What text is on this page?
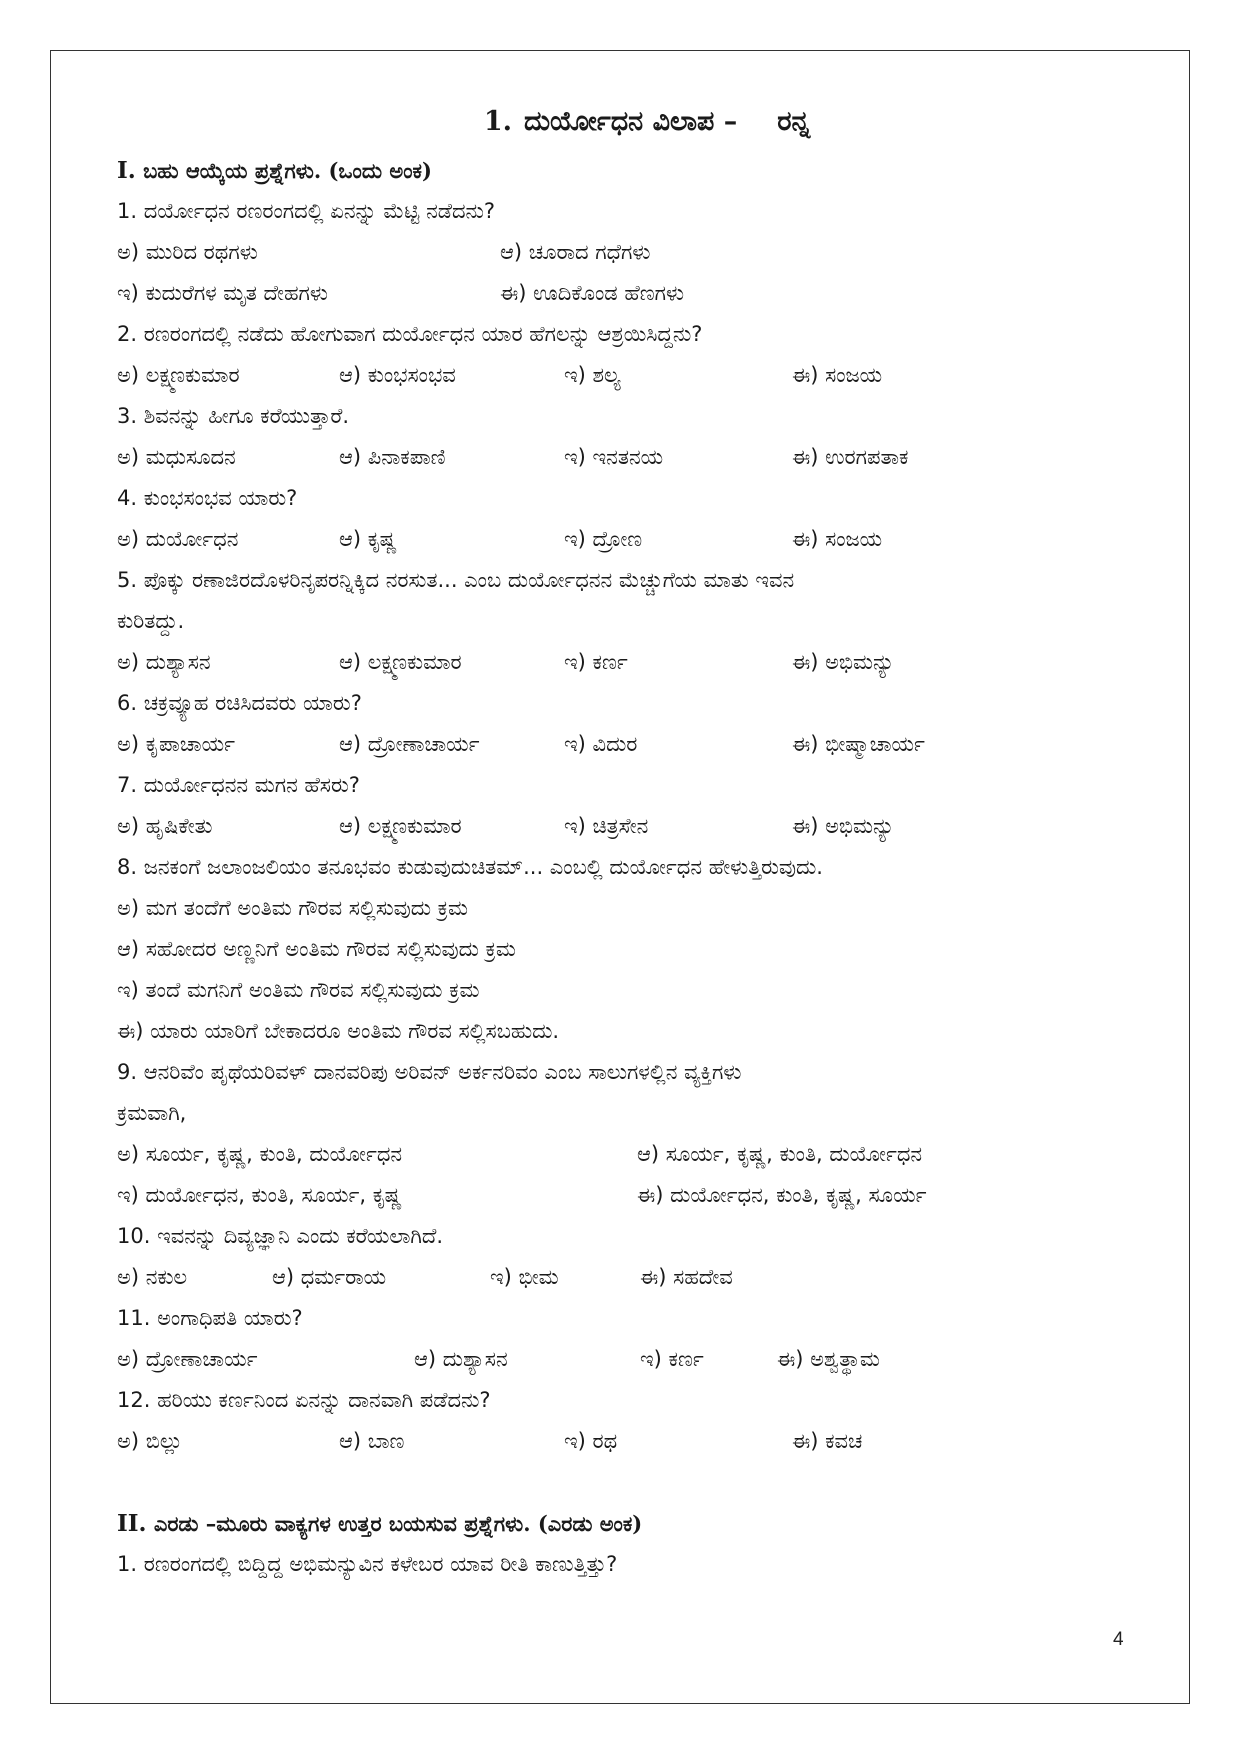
1. ದುರ್ಯೋಧನ ವಿಲಾಪ – ರನ್ನ
I. ಬಹು ಆಯ್ಕೆಯ ಪ್ರಶ್ನೆಗಳು. (ಒಂದು ಅಂಕ)
1. ದರ್ಯೋಧನ ರಣರಂಗದಲ್ಲಿ ಏನನ್ನು ಮೆಟ್ಟಿ ನಡೆದನು?
ಅ) ಮುರಿದ ರಥಗಳು	ಆ) ಚೂರಾದ ಗಧೆಗಳು
ಇ) ಕುದುರೆಗಳ ಮೃತ ದೇಹಗಳು	ಈ) ಊದಿಕೊಂಡ ಹೆಣಗಳು
2. ರಣರಂಗದಲ್ಲಿ ನಡೆದು ಹೋಗುವಾಗ ದುರ್ಯೋಧನ ಯಾರ ಹೆಗಲನ್ನು ಆಶ್ರಯಿಸಿದ್ದನು?
ಅ) ಲಕ್ಷ್ಮಣಕುಮಾರ	ಆ) ಕುಂಭಸಂಭವ	ಇ) ಶಲ್ಯ	ಈ) ಸಂಜಯ
3. ಶಿವನನ್ನು ಹೀಗೂ ಕರೆಯುತ್ತಾರೆ.
ಅ) ಮಧುಸೂದನ	ಆ) ಪಿನಾಕಪಾಣಿ	ಇ) ಇನತನಯ	ಈ) ಉರಗಪತಾಕ
4. ಕುಂಭಸಂಭವ ಯಾರು?
ಅ) ದುರ್ಯೋಧನ	ಆ) ಕೃಷ್ಣ	ಇ) ದ್ರೋಣ	ಈ) ಸಂಜಯ
5. ಪೊಕ್ಕು ರಣಾಜಿರದೊಳರಿನೃಪರನ್ನಿಕ್ಕಿದ ನರಸುತ... ಎಂಬ ದುರ್ಯೋಧನನ ಮೆಚ್ಚುಗೆಯ ಮಾತು ಇವನ
ಕುರಿತದ್ದು.
ಅ) ದುಶ್ಯಾಸನ	ಆ) ಲಕ್ಷ್ಮಣಕುಮಾರ	ಇ) ಕರ್ಣ	ಈ) ಅಭಿಮನ್ಯು
6. ಚಕ್ರವ್ಯೂಹ ರಚಿಸಿದವರು ಯಾರು?
ಅ) ಕೃಪಾಚಾರ್ಯ	ಆ) ದ್ರೋಣಾಚಾರ್ಯ	ಇ) ವಿದುರ	ಈ) ಭೀಷ್ಮಾಚಾರ್ಯ
7. ದುರ್ಯೋಧನನ ಮಗನ ಹೆಸರು?
ಅ) ಹೃಷಿಕೇತು	ಆ) ಲಕ್ಷ್ಮಣಕುಮಾರ	ಇ) ಚಿತ್ರಸೇನ	ಈ) ಅಭಿಮನ್ಯು
8. ಜನಕಂಗೆ ಜಲಾಂಜಲಿಯಂ ತನೂಭವಂ ಕುಡುವುದುಚಿತಮ್... ಎಂಬಲ್ಲಿ ದುರ್ಯೋಧನ ಹೇಳುತ್ತಿರುವುದು.
ಅ) ಮಗ ತಂದೆಗೆ ಅಂತಿಮ ಗೌರವ ಸಲ್ಲಿಸುವುದು ಕ್ರಮ
ಆ) ಸಹೋದರ ಅಣ್ಣನಿಗೆ ಅಂತಿಮ ಗೌರವ ಸಲ್ಲಿಸುವುದು ಕ್ರಮ
ಇ) ತಂದೆ ಮಗನಿಗೆ ಅಂತಿಮ ಗೌರವ ಸಲ್ಲಿಸುವುದು ಕ್ರಮ
ಈ) ಯಾರು ಯಾರಿಗೆ ಬೇಕಾದರೂ ಅಂತಿಮ ಗೌರವ ಸಲ್ಲಿಸಬಹುದು.
9. ಆನರಿವೆಂ ಪೃಥೆಯರಿವಳ್ ದಾನವರಿಪು ಅರಿವನ್ ಅರ್ಕನರಿವಂ ಎಂಬ ಸಾಲುಗಳಲ್ಲಿನ ವ್ಯಕ್ತಿಗಳು
ಕ್ರಮವಾಗಿ,
ಅ) ಸೂರ್ಯ, ಕೃಷ್ಣ, ಕುಂತಿ, ದುರ್ಯೋಧನ	ಆ) ಸೂರ್ಯ, ಕೃಷ್ಣ, ಕುಂತಿ, ದುರ್ಯೋಧನ
ಇ) ದುರ್ಯೋಧನ, ಕುಂತಿ, ಸೂರ್ಯ, ಕೃಷ್ಣ	ಈ) ದುರ್ಯೋಧನ, ಕುಂತಿ, ಕೃಷ್ಣ, ಸೂರ್ಯ
10. ಇವನನ್ನು ದಿವ್ಯಜ್ಞಾನಿ ಎಂದು ಕರೆಯಲಾಗಿದೆ.
ಅ) ನಕುಲ	ಆ) ಧರ್ಮರಾಯ	ಇ) ಭೀಮ	ಈ) ಸಹದೇವ
11. ಅಂಗಾಧಿಪತಿ ಯಾರು?
ಅ) ದ್ರೋಣಾಚಾರ್ಯ	ಆ) ದುಶ್ಯಾಸನ	ಇ) ಕರ್ಣ	ಈ) ಅಶ್ವತ್ಥಾಮ
12. ಹರಿಯು ಕರ್ಣನಿಂದ ಏನನ್ನು ದಾನವಾಗಿ ಪಡೆದನು?
ಅ) ಬಿಲ್ಲು	ಆ) ಬಾಣ	ಇ) ರಥ	ಈ) ಕವಚ
II. ಎರಡು –ಮೂರು ವಾಕ್ಯಗಳ ಉತ್ತರ ಬಯಸುವ ಪ್ರಶ್ನೆಗಳು. (ಎರಡು ಅಂಕ)
1. ರಣರಂಗದಲ್ಲಿ ಬಿದ್ದಿದ್ದ ಅಭಿಮನ್ಯುವಿನ ಕಳೇಬರ ಯಾವ ರೀತಿ ಕಾಣುತ್ತಿತ್ತು?
4
